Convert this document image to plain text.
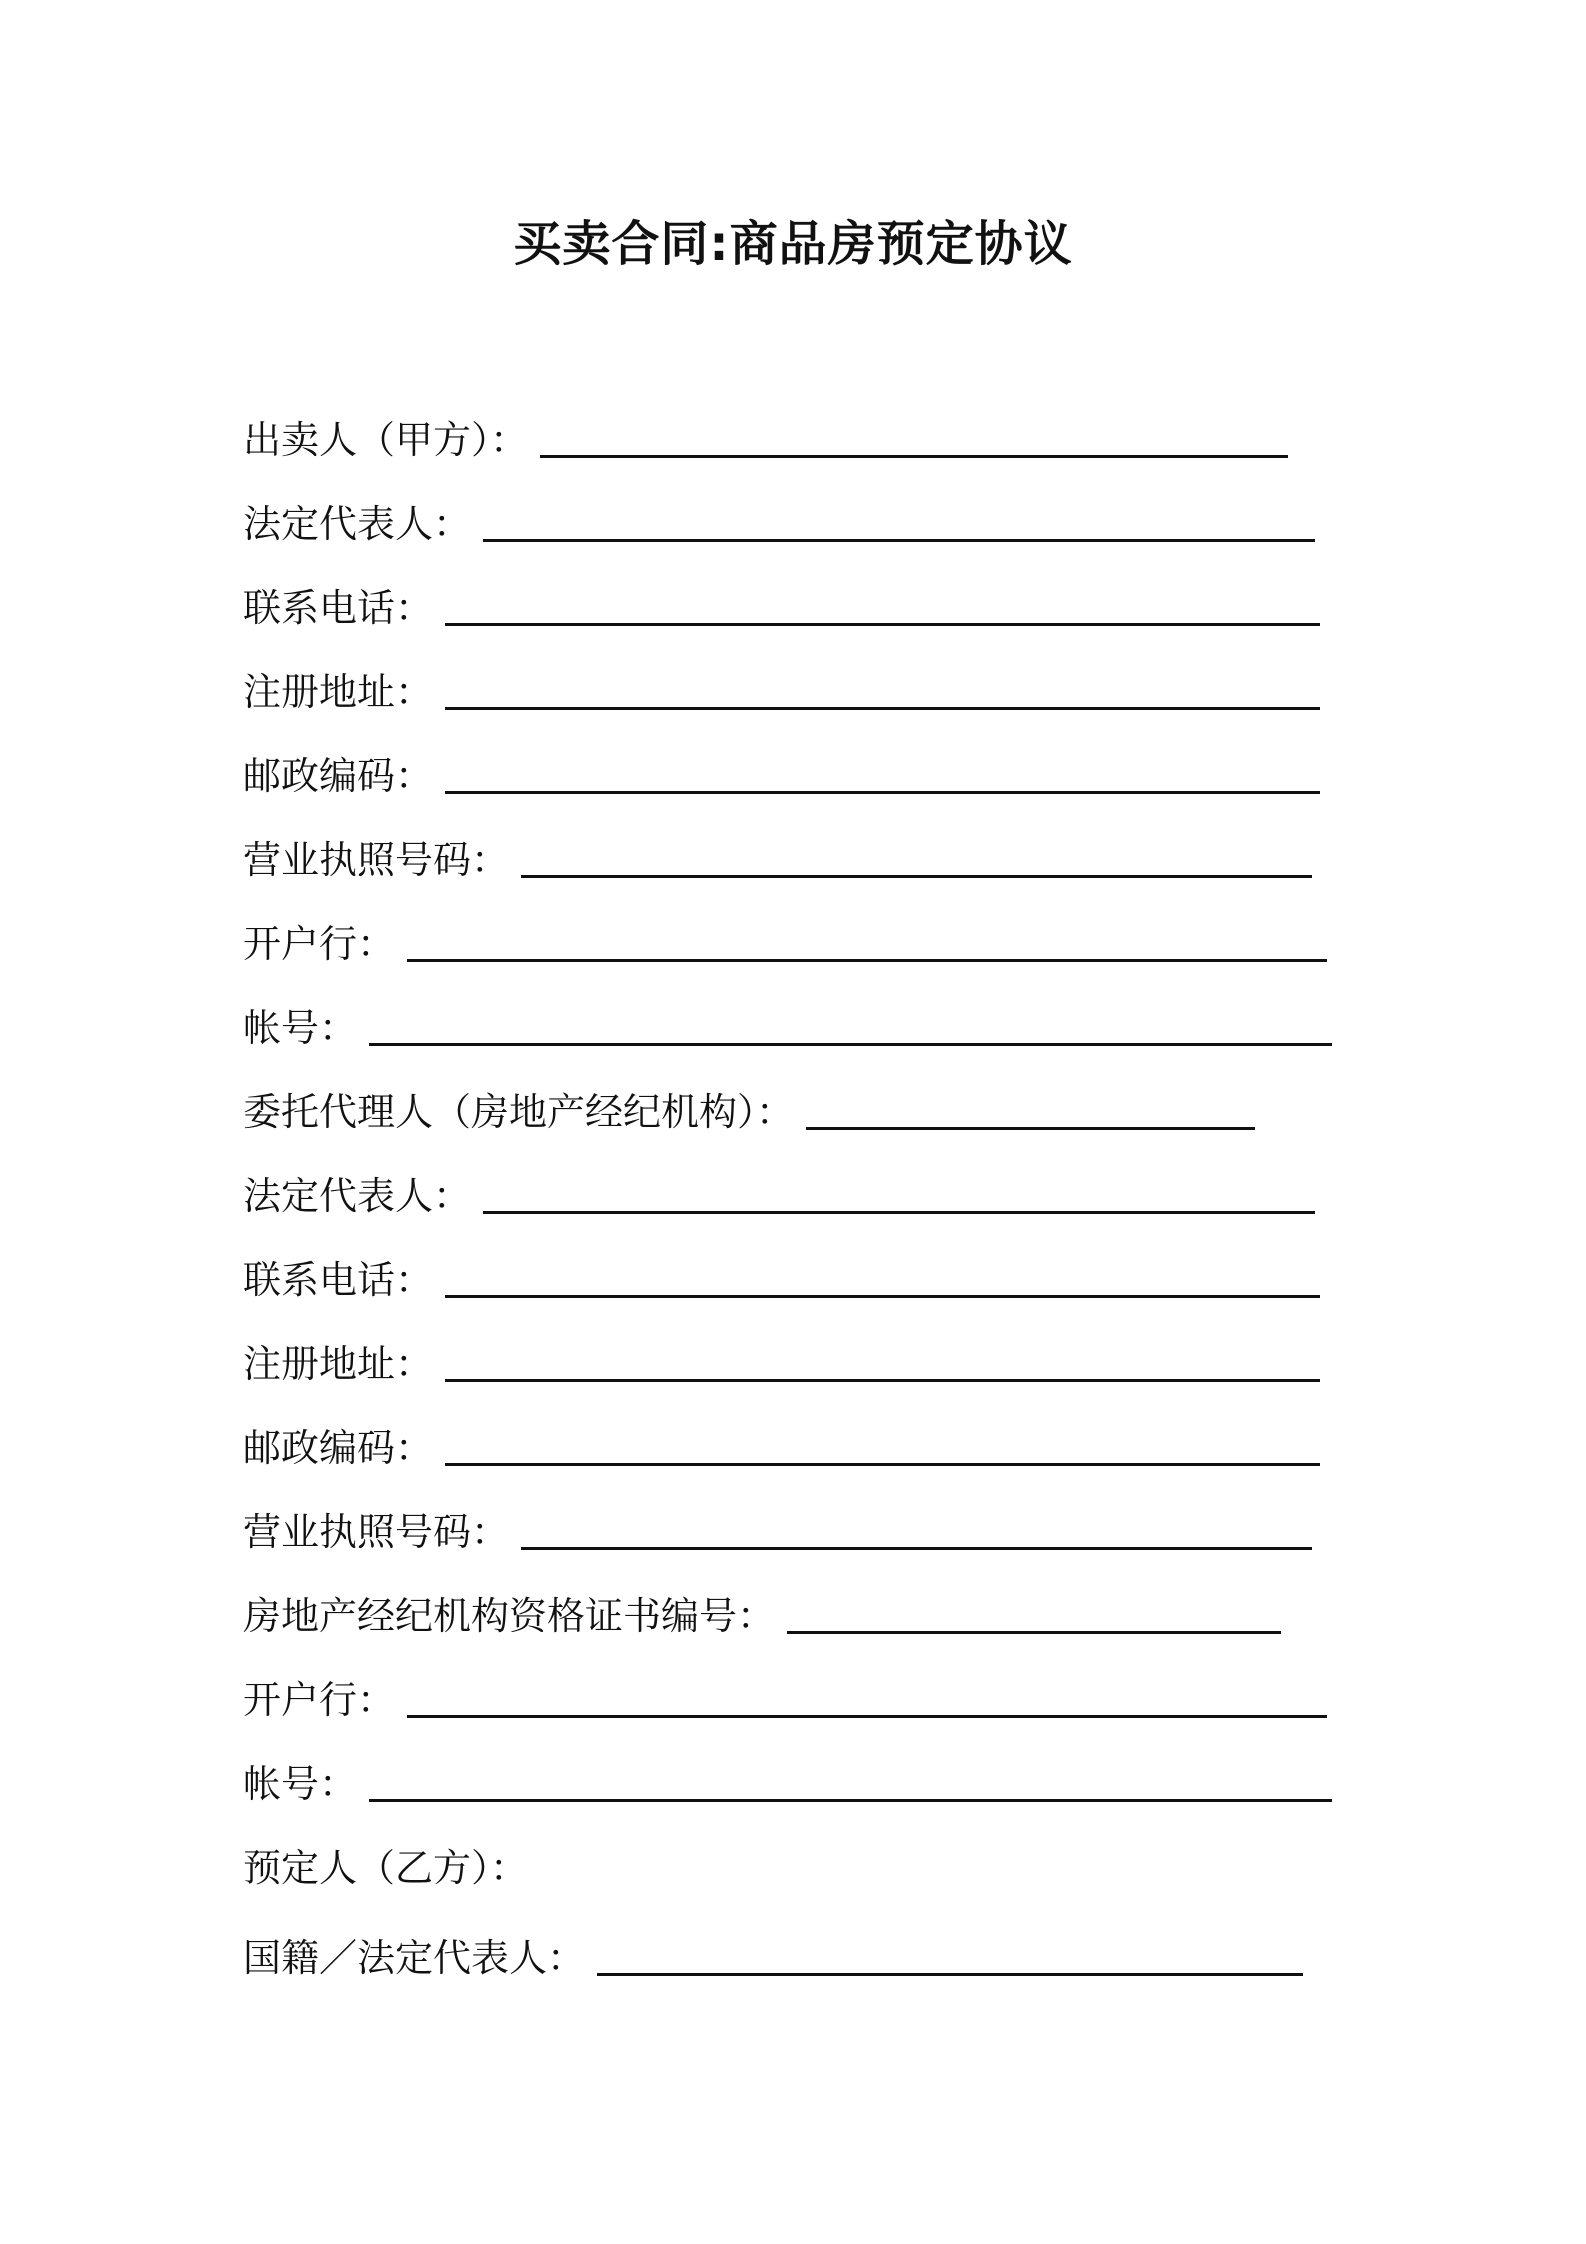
买卖合同:商品房预定协议
出卖人（甲方）：
法定代表人：
联系电话：
注册地址：
邮政编码：
营业执照号码：
开户行：
帐号：
委托代理人（房地产经纪机构）：
法定代表人：
联系电话：
注册地址：
邮政编码：
营业执照号码：
房地产经纪机构资格证书编号：
开户行：
帐号：
预定人（乙方）：
国籍／法定代表人：
